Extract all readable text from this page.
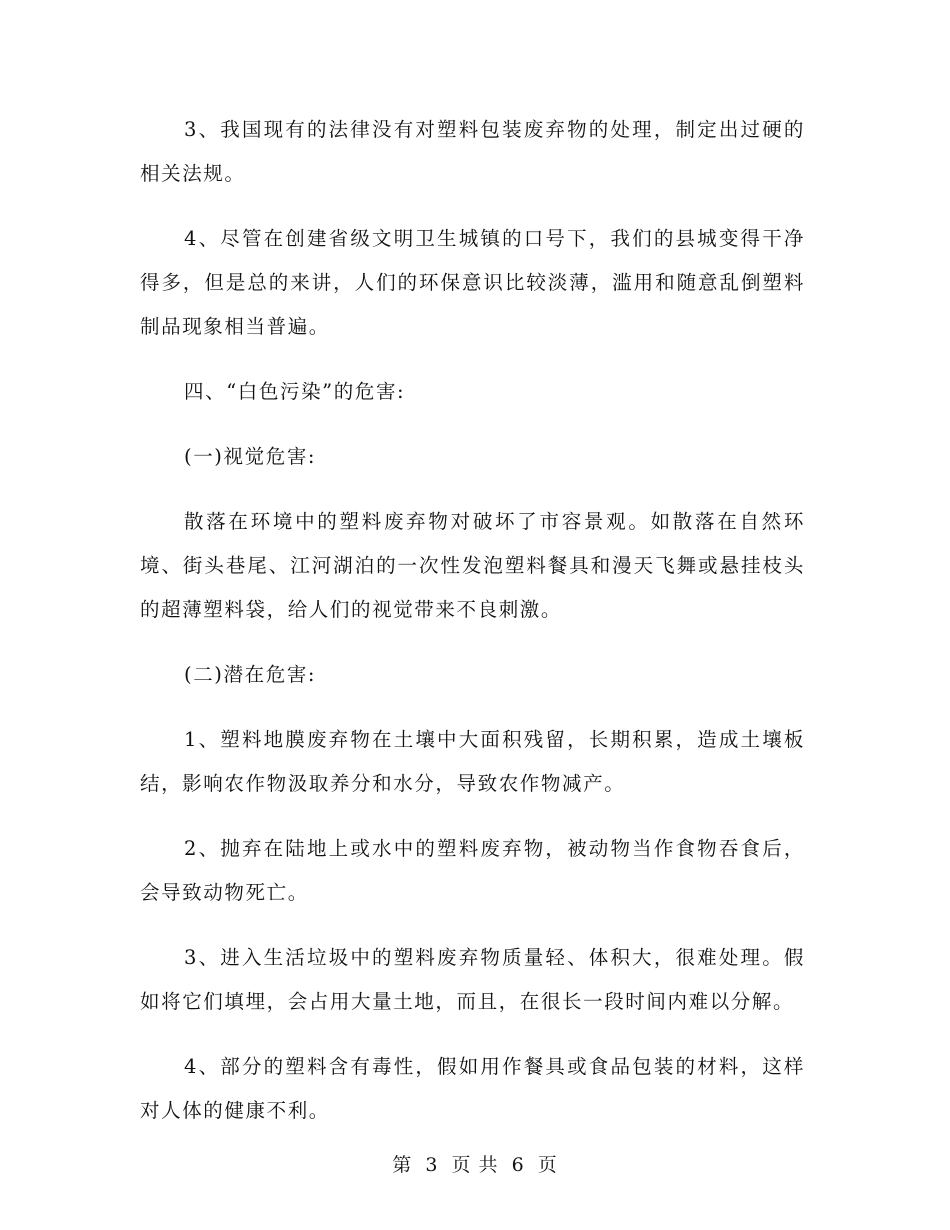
3、我国现有的法律没有对塑料包装废弃物的处理，制定出过硬的相关法规。

4、尽管在创建省级文明卫生城镇的口号下，我们的县城变得干净得多，但是总的来讲，人们的环保意识比较淡薄，滥用和随意乱倒塑料制品现象相当普遍。

四、“白色污染”的危害:

(一)视觉危害:

散落在环境中的塑料废弃物对破坏了市容景观。如散落在自然环境、街头巷尾、江河湖泊的一次性发泡塑料餐具和漫天飞舞或悬挂枝头的超薄塑料袋，给人们的视觉带来不良刺激。

(二)潜在危害:

1、塑料地膜废弃物在土壤中大面积残留，长期积累，造成土壤板结，影响农作物汲取养分和水分，导致农作物减产。

2、抛弃在陆地上或水中的塑料废弃物，被动物当作食物吞食后，会导致动物死亡。

3、进入生活垃圾中的塑料废弃物质量轻、体积大，很难处理。假如将它们填埋，会占用大量土地，而且，在很长一段时间内难以分解。

4、部分的塑料含有毒性，假如用作餐具或食品包装的材料，这样对人体的健康不利。

第 3 页 共 6 页
